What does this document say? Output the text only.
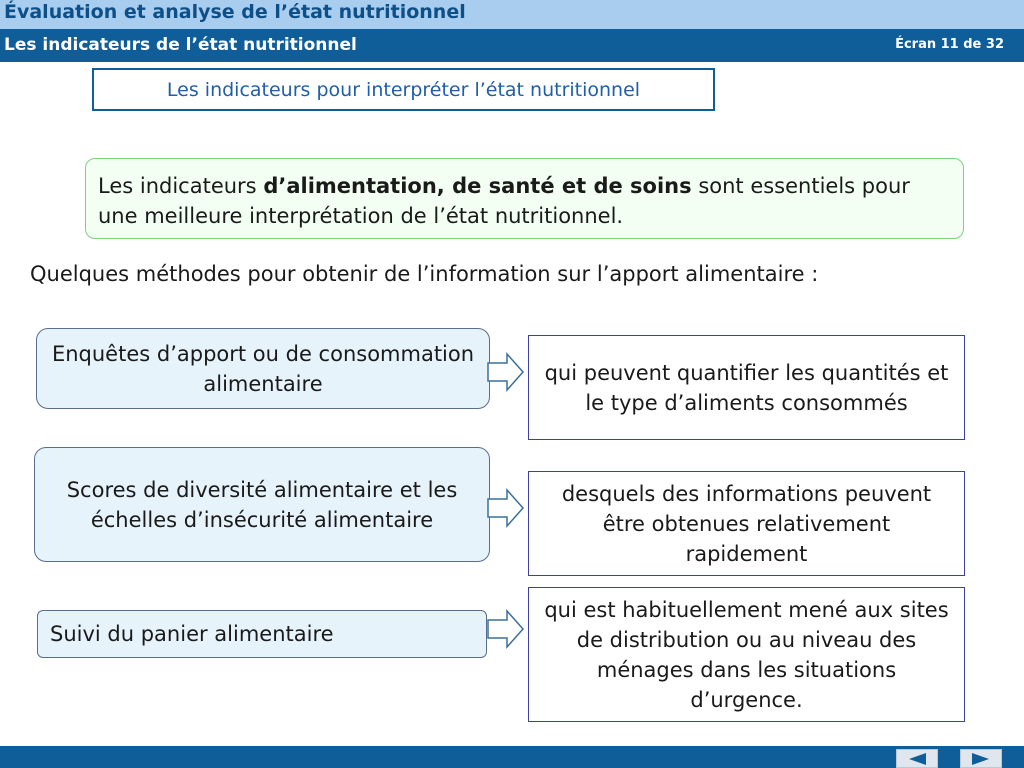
Évaluation et analyse de l’état nutritionnel
Les indicateurs de l’état nutritionnel	Écran 11 de 32
Les indicateurs pour interpréter l’état nutritionnel
Les indicateurs d’alimentation, de santé et de soins sont essentiels pour une meilleure interprétation de l’état nutritionnel.
Quelques méthodes pour obtenir de l’information sur l’apport alimentaire :
Enquêtes d’apport ou de consommation alimentaire	qui peuvent quantifier les quantités et le type d’aliments consommés
Scores de diversité alimentaire et les échelles d’insécurité alimentaire
desquels des informations peuvent être obtenues relativement rapidement
Suivi du panier alimentaire
qui est habituellement mené aux sites de distribution ou au niveau des ménages dans les situations d’urgence.
